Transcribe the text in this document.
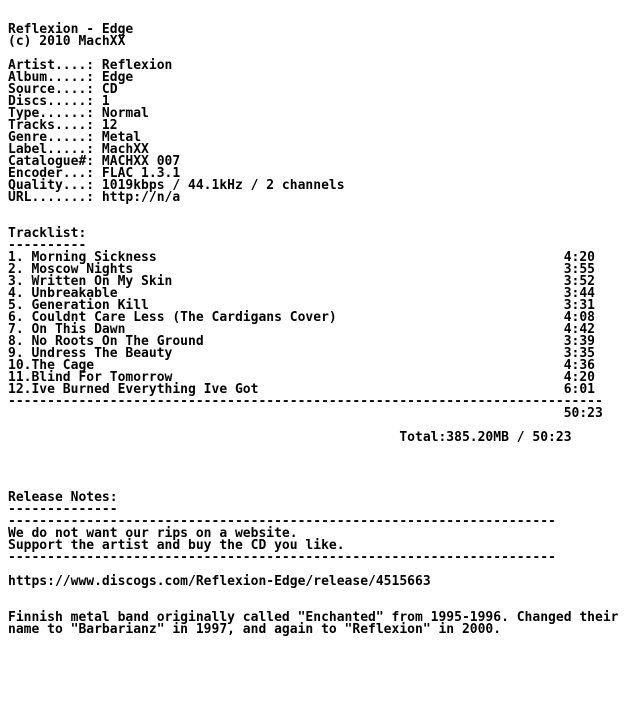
Reflexion - Edge
(c) 2010 MachXX
Artist....: Reflexion
Album.....: Edge
Source....: CD
Discs.....: 1
Type......: Normal
Tracks....: 12
Genre.....: Metal
Label.....: MachXX
Catalogue#: MACHXX 007
Encoder...: FLAC 1.3.1
Quality...: 1019kbps / 44.1kHz / 2 channels
URL.......: http://n/a
Tracklist:
----------
1. Morning Sickness                                                    4:20
2. Moscow Nights                                                       3:55
3. Written On My Skin                                                  3:52
4. Unbreakable                                                         3:44
5. Generation Kill                                                     3:31
6. Couldnt Care Less (The Cardigans Cover)                             4:08
7. On This Dawn                                                        4:42
8. No Roots On The Ground                                              3:39
9. Undress The Beauty                                                  3:35
10.The Cage                                                            4:36
11.Blind For Tomorrow                                                  4:20
12.Ive Burned Everything Ive Got                                       6:01
----------------------------------------------------------------------------
50:23
Total:385.20MB / 50:23
Release Notes:
--------------
----------------------------------------------------------------------
We do not want our rips on a website.
Support the artist and buy the CD you like.
----------------------------------------------------------------------
https://www.discogs.com/Reflexion-Edge/release/4515663
Finnish metal band originally called "Enchanted" from 1995-1996. Changed their
name to "Barbarianz" in 1997, and again to "Reflexion" in 2000.
